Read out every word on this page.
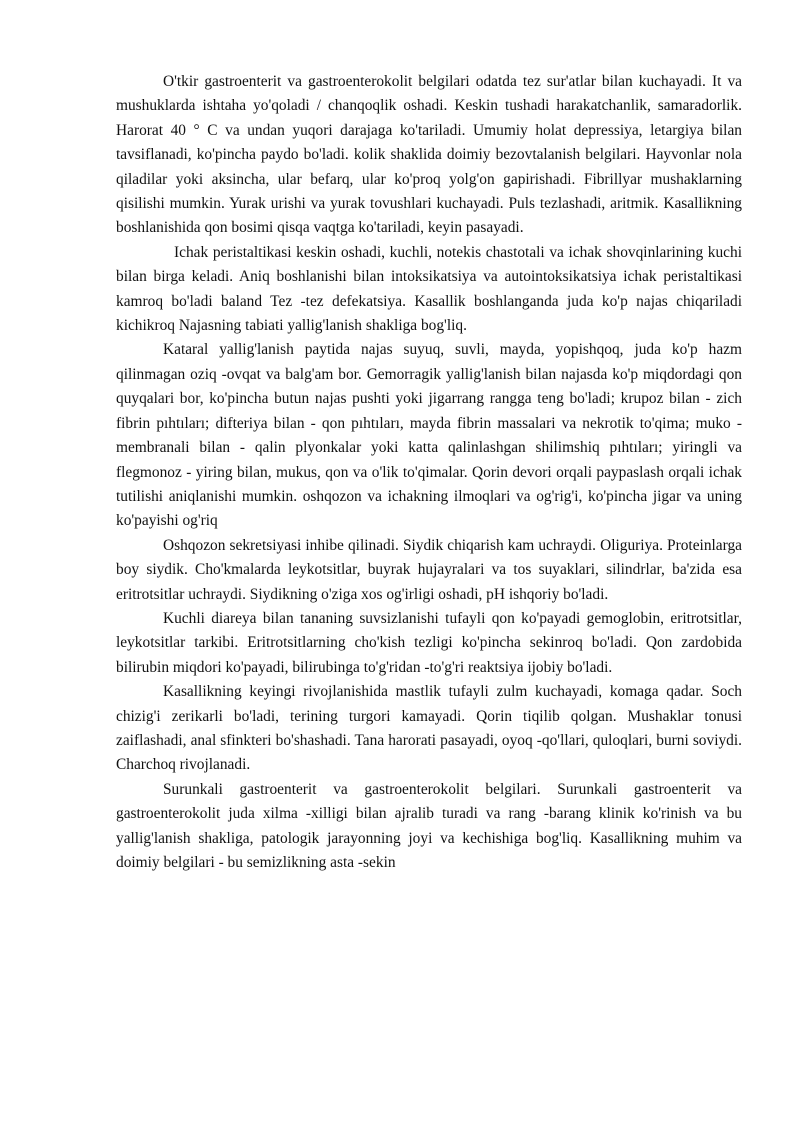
O'tkir gastroenterit va gastroenterokolit belgilari odatda tez sur'atlar bilan kuchayadi. It va mushuklarda ishtaha yo'qoladi / chanqoqlik oshadi. Keskin tushadi harakatchanlik, samaradorlik. Harorat 40 ° C va undan yuqori darajaga ko'tariladi. Umumiy holat depressiya, letargiya bilan tavsiflanadi, ko'pincha paydo bo'ladi. kolik shaklida doimiy bezovtalanish belgilari. Hayvonlar nola qiladilar yoki aksincha, ular befarq, ular ko'proq yolg'on gapirishadi. Fibrillyar mushaklarning qisilishi mumkin. Yurak urishi va yurak tovushlari kuchayadi. Puls tezlashadi, aritmik. Kasallikning boshlanishida qon bosimi qisqa vaqtga ko'tariladi, keyin pasayadi.

Ichak peristaltikasi keskin oshadi, kuchli, notekis chastotali va ichak shovqinlarining kuchi bilan birga keladi. Aniq boshlanishi bilan intoksikatsiya va autointoksikatsiya ichak peristaltikasi kamroq bo'ladi baland Tez -tez defekatsiya. Kasallik boshlanganda juda ko'p najas chiqariladi kichikroq Najasning tabiati yallig'lanish shakliga bog'liq.

Kataral yallig'lanish paytida najas suyuq, suvli, mayda, yopishqoq, juda ko'p hazm qilinmagan oziq -ovqat va balg'am bor. Gemorragik yallig'lanish bilan najasda ko'p miqdordagi qon quyqalari bor, ko'pincha butun najas pushti yoki jigarrang rangga teng bo'ladi; krupoz bilan - zich fibrin pıhtıları; difteriya bilan - qon pıhtıları, mayda fibrin massalari va nekrotik to'qima; muko -membranali bilan - qalin plyonkalar yoki katta qalinlashgan shilimshiq pıhtıları; yiringli va flegmonoz - yiring bilan, mukus, qon va o'lik to'qimalar. Qorin devori orqali paypaslash orqali ichak tutilishi aniqlanishi mumkin. oshqozon va ichakning ilmoqlari va og'rig'i, ko'pincha jigar va uning ko'payishi og'riq

Oshqozon sekretsiyasi inhibe qilinadi. Siydik chiqarish kam uchraydi. Oliguriya. Proteinlarga boy siydik. Cho'kmalarda leykotsitlar, buyrak hujayralari va tos suyaklari, silindrlar, ba'zida esa eritrotsitlar uchraydi. Siydikning o'ziga xos og'irligi oshadi, pH ishqoriy bo'ladi.

Kuchli diareya bilan tananing suvsizlanishi tufayli qon ko'payadi gemoglobin, eritrotsitlar, leykotsitlar tarkibi. Eritrotsitlarning cho'kish tezligi ko'pincha sekinroq bo'ladi. Qon zardobida bilirubin miqdori ko'payadi, bilirubinga to'g'ridan -to'g'ri reaktsiya ijobiy bo'ladi.

Kasallikning keyingi rivojlanishida mastlik tufayli zulm kuchayadi, komaga qadar. Soch chizig'i zerikarli bo'ladi, terining turgori kamayadi. Qorin tiqilib qolgan. Mushaklar tonusi zaiflashadi, anal sfinkteri bo'shashadi. Tana harorati pasayadi, oyoq -qo'llari, quloqlari, burni soviydi. Charchoq rivojlanadi.

Surunkali gastroenterit va gastroenterokolit belgilari. Surunkali gastroenterit va gastroenterokolit juda xilma -xilligi bilan ajralib turadi va rang -barang klinik ko'rinish va bu yallig'lanish shakliga, patologik jarayonning joyi va kechishiga bog'liq. Kasallikning muhim va doimiy belgilari - bu semizlikning asta -sekin
